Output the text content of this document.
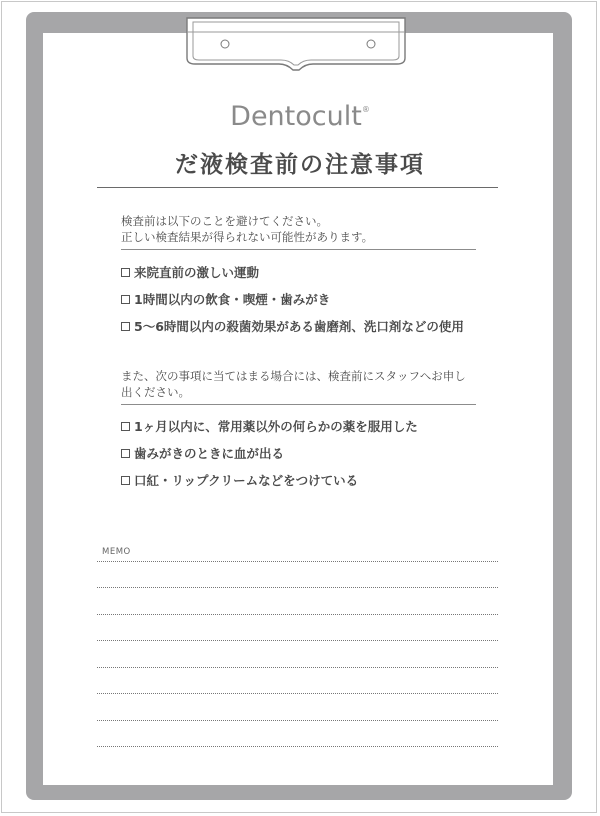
Dentocult®
だ液検査前の注意事項
検査前は以下のことを避けてください。
正しい検査結果が得られない可能性があります。
来院直前の激しい運動
1時間以内の飲食・喫煙・歯みがき
5～6時間以内の殺菌効果がある歯磨剤、洗口剤などの使用
また、次の事項に当てはまる場合には、検査前にスタッフへお申し
出ください。
1ヶ月以内に、常用薬以外の何らかの薬を服用した
歯みがきのときに血が出る
口紅・リップクリームなどをつけている
MEMO
